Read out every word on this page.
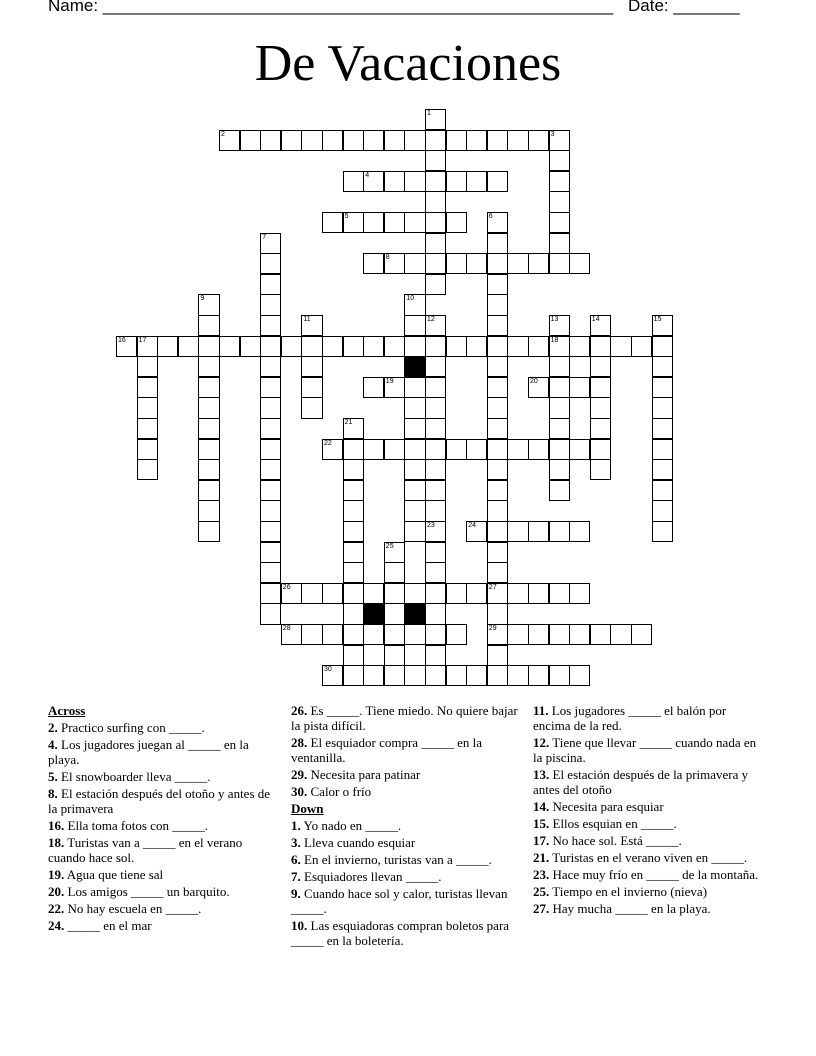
Name: ______________________________________________________ Date: _______
De Vacaciones
2	3
4
5
8
16 17	18
19	20
22
24
26	27
28	29
30
1
6
7
9	10
11	12	13	14	15
21
23
25
Across
2. Practico surfing con _____.
4. Los jugadores juegan al _____ en la playa.
5. El snowboarder lleva _____.
8. El estación después del otoño y antes de la primavera
16. Ella toma fotos con _____.
18. Turistas van a _____ en el verano cuando hace sol.
19. Agua que tiene sal
20. Los amigos _____ un barquito.
22. No hay escuela en _____.
24. _____ en el mar
26. Es _____. Tiene miedo. No quiere bajar la pista difícil.
28. El esquiador compra _____ en la ventanilla.
29. Necesita para patinar
30. Calor o frío
Down
1. Yo nado en _____.
3. Lleva cuando esquiar
6. En el invierno, turistas van a _____.
7. Esquiadores llevan _____.
9. Cuando hace sol y calor, turistas llevan _____.
10. Las esquiadoras compran boletos para _____ en la boletería.
11. Los jugadores _____ el balón por encima de la red.
12. Tiene que llevar _____ cuando nada en la piscina.
13. El estación después de la primavera y antes del otoño
14. Necesita para esquiar
15. Ellos esquian en _____.
17. No hace sol. Está _____.
21. Turistas en el verano viven en _____.
23. Hace muy frío en _____ de la montaña.
25. Tiempo en el invierno (nieva)
27. Hay mucha _____ en la playa.
